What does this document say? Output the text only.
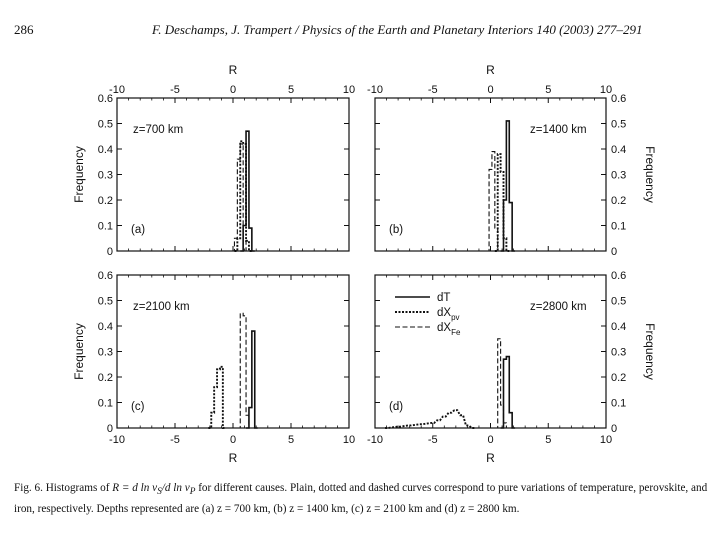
286	F. Deschamps, J. Trampert / Physics of the Earth and Planetary Interiors 140 (2003) 277–291
-10	-5	0	5	10
0
0.1
0.2
0.3
0.4
0.5
0.6
Frequency
R
z=700 km
(a)
-10	-5	0	5	10
0
0.1
0.2
0.3
0.4
0.5
0.6
Frequency
R
z=1400 km
(b)
-10	-5	0	5	10
0
0.1
0.2
0.3
0.4
0.5
0.6
Frequency
R
z=2100 km
(c)
-10	-5	0	5	10
0
0.1
0.2
0.3
0.4
0.5
0.6
Frequency
R
z=2800 km
(d)
dT
$dX_{pv}$
$dX_{Fe}$
Fig. 6. Histograms of R = d $\ln v_S/d$ $\ln v_P$ for different causes. Plain, dotted and dashed curves correspond to pure variations of temperature, perovskite, and iron, respectively. Depths represented are (a) z = 700 km, (b) z = 1400 km, (c) z = 2100 km and (d) z = 2800 km.
